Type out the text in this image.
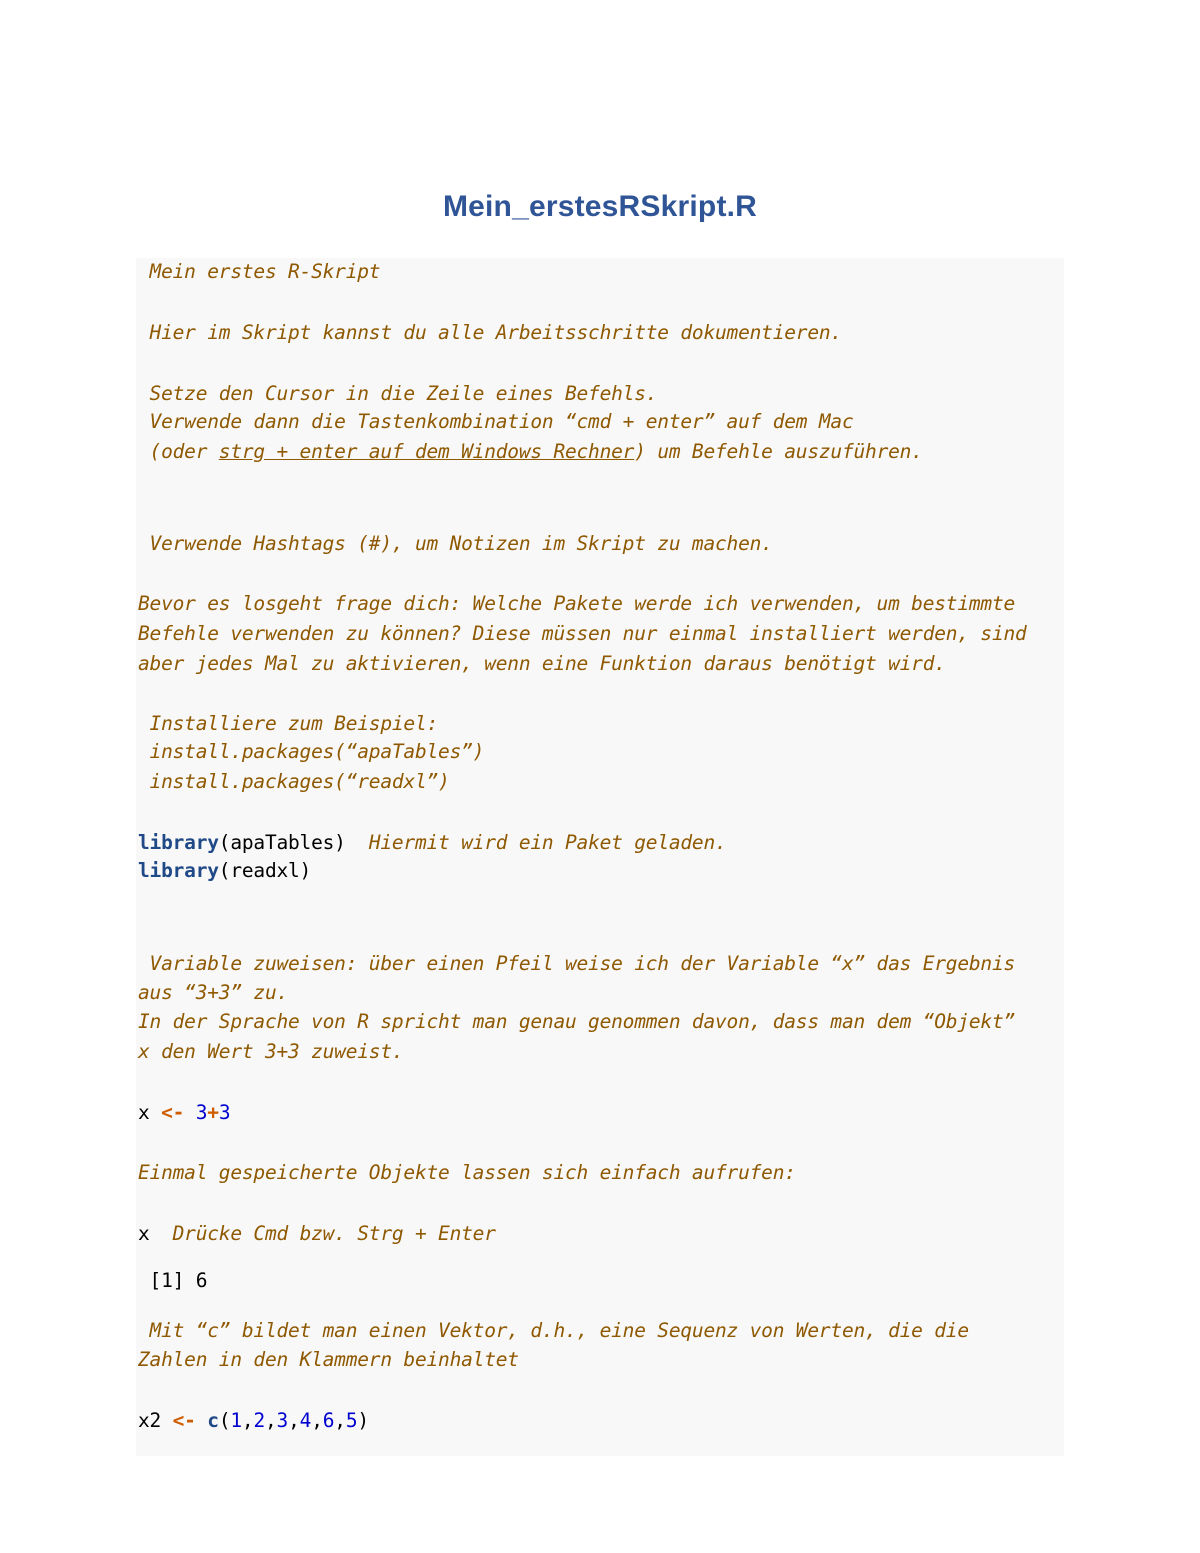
Mein_erstesRSkript.R
Mein erstes R-Skript
Hier im Skript kannst du alle Arbeitsschritte dokumentieren.
Setze den Cursor in die Zeile eines Befehls.
Verwende dann die Tastenkombination “cmd + enter” auf dem Mac
(oder strg + enter auf dem Windows Rechner) um Befehle auszuführen.
Verwende Hashtags (#), um Notizen im Skript zu machen.
Bevor es losgeht frage dich: Welche Pakete werde ich verwenden, um bestimmte
Befehle verwenden zu können? Diese müssen nur einmal installiert werden, sind
aber jedes Mal zu aktivieren, wenn eine Funktion daraus benötigt wird.
Installiere zum Beispiel:
install.packages(“apaTables”)
install.packages(“readxl”)
library(apaTables)  Hiermit wird ein Paket geladen.
library(readxl)
Variable zuweisen: über einen Pfeil weise ich der Variable “x” das Ergebnis
aus “3+3” zu.
In der Sprache von R spricht man genau genommen davon, dass man dem “Objekt”
x den Wert 3+3 zuweist.
x <- 3+3
Einmal gespeicherte Objekte lassen sich einfach aufrufen:
x  Drücke Cmd bzw. Strg + Enter
[1] 6
Mit “c” bildet man einen Vektor, d.h., eine Sequenz von Werten, die die
Zahlen in den Klammern beinhaltet
x2 <- c(1,2,3,4,6,5)
